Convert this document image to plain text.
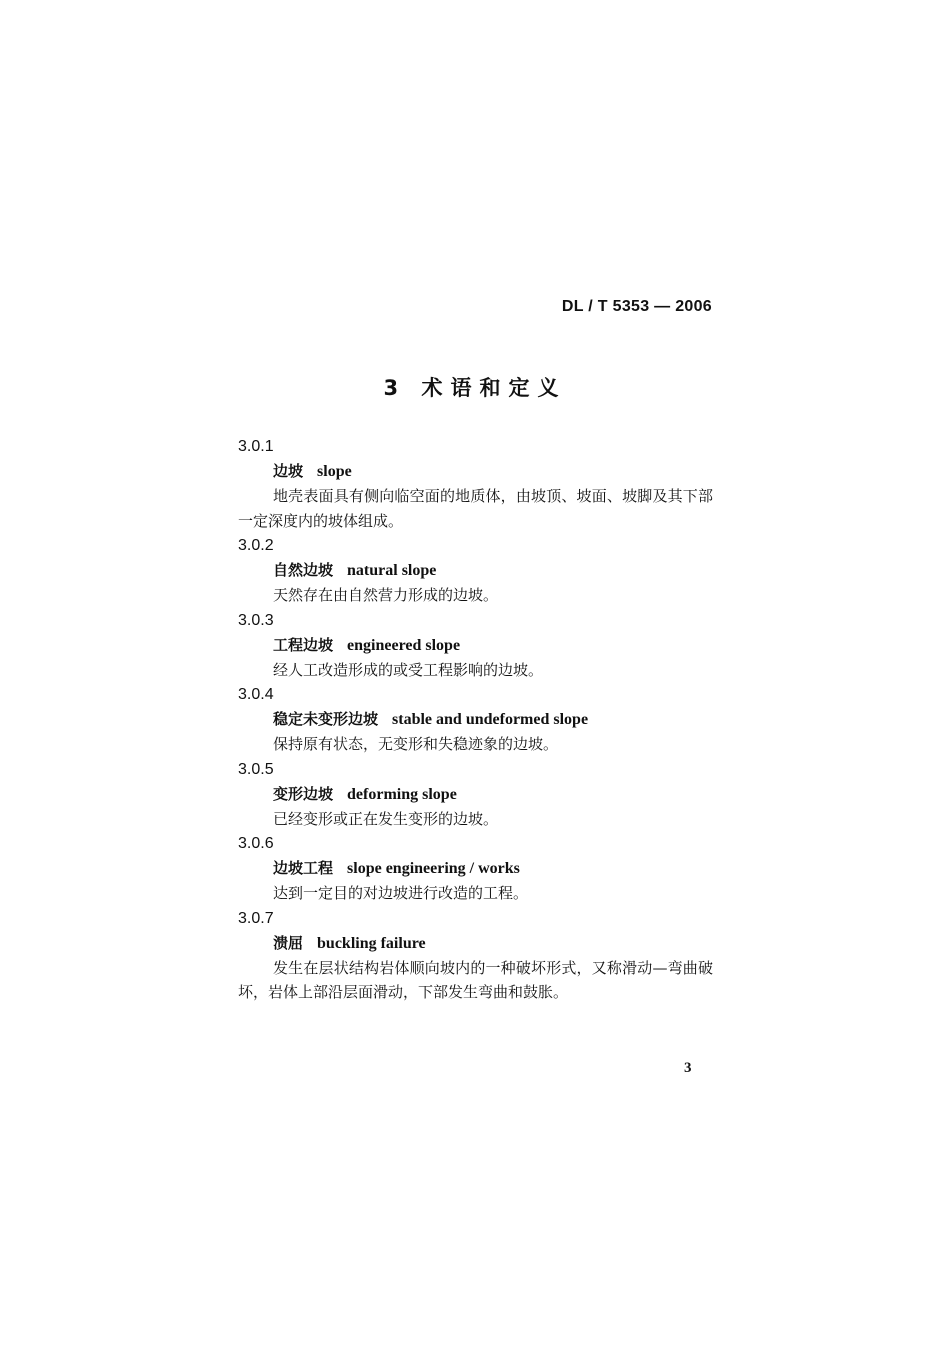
DL / T 5353 — 2006
3 术语和定义
3.0.1
边坡 slope
地壳表面具有侧向临空面的地质体，由坡顶、坡面、坡脚及其下部一定深度内的坡体组成。
3.0.2
自然边坡 natural slope
天然存在由自然营力形成的边坡。
3.0.3
工程边坡 engineered slope
经人工改造形成的或受工程影响的边坡。
3.0.4
稳定未变形边坡 stable and undeformed slope
保持原有状态，无变形和失稳迹象的边坡。
3.0.5
变形边坡 deforming slope
已经变形或正在发生变形的边坡。
3.0.6
边坡工程 slope engineering / works
达到一定目的对边坡进行改造的工程。
3.0.7
溃屈 buckling failure
发生在层状结构岩体顺向坡内的一种破坏形式，又称滑动—弯曲破坏，岩体上部沿层面滑动，下部发生弯曲和鼓胀。
3
